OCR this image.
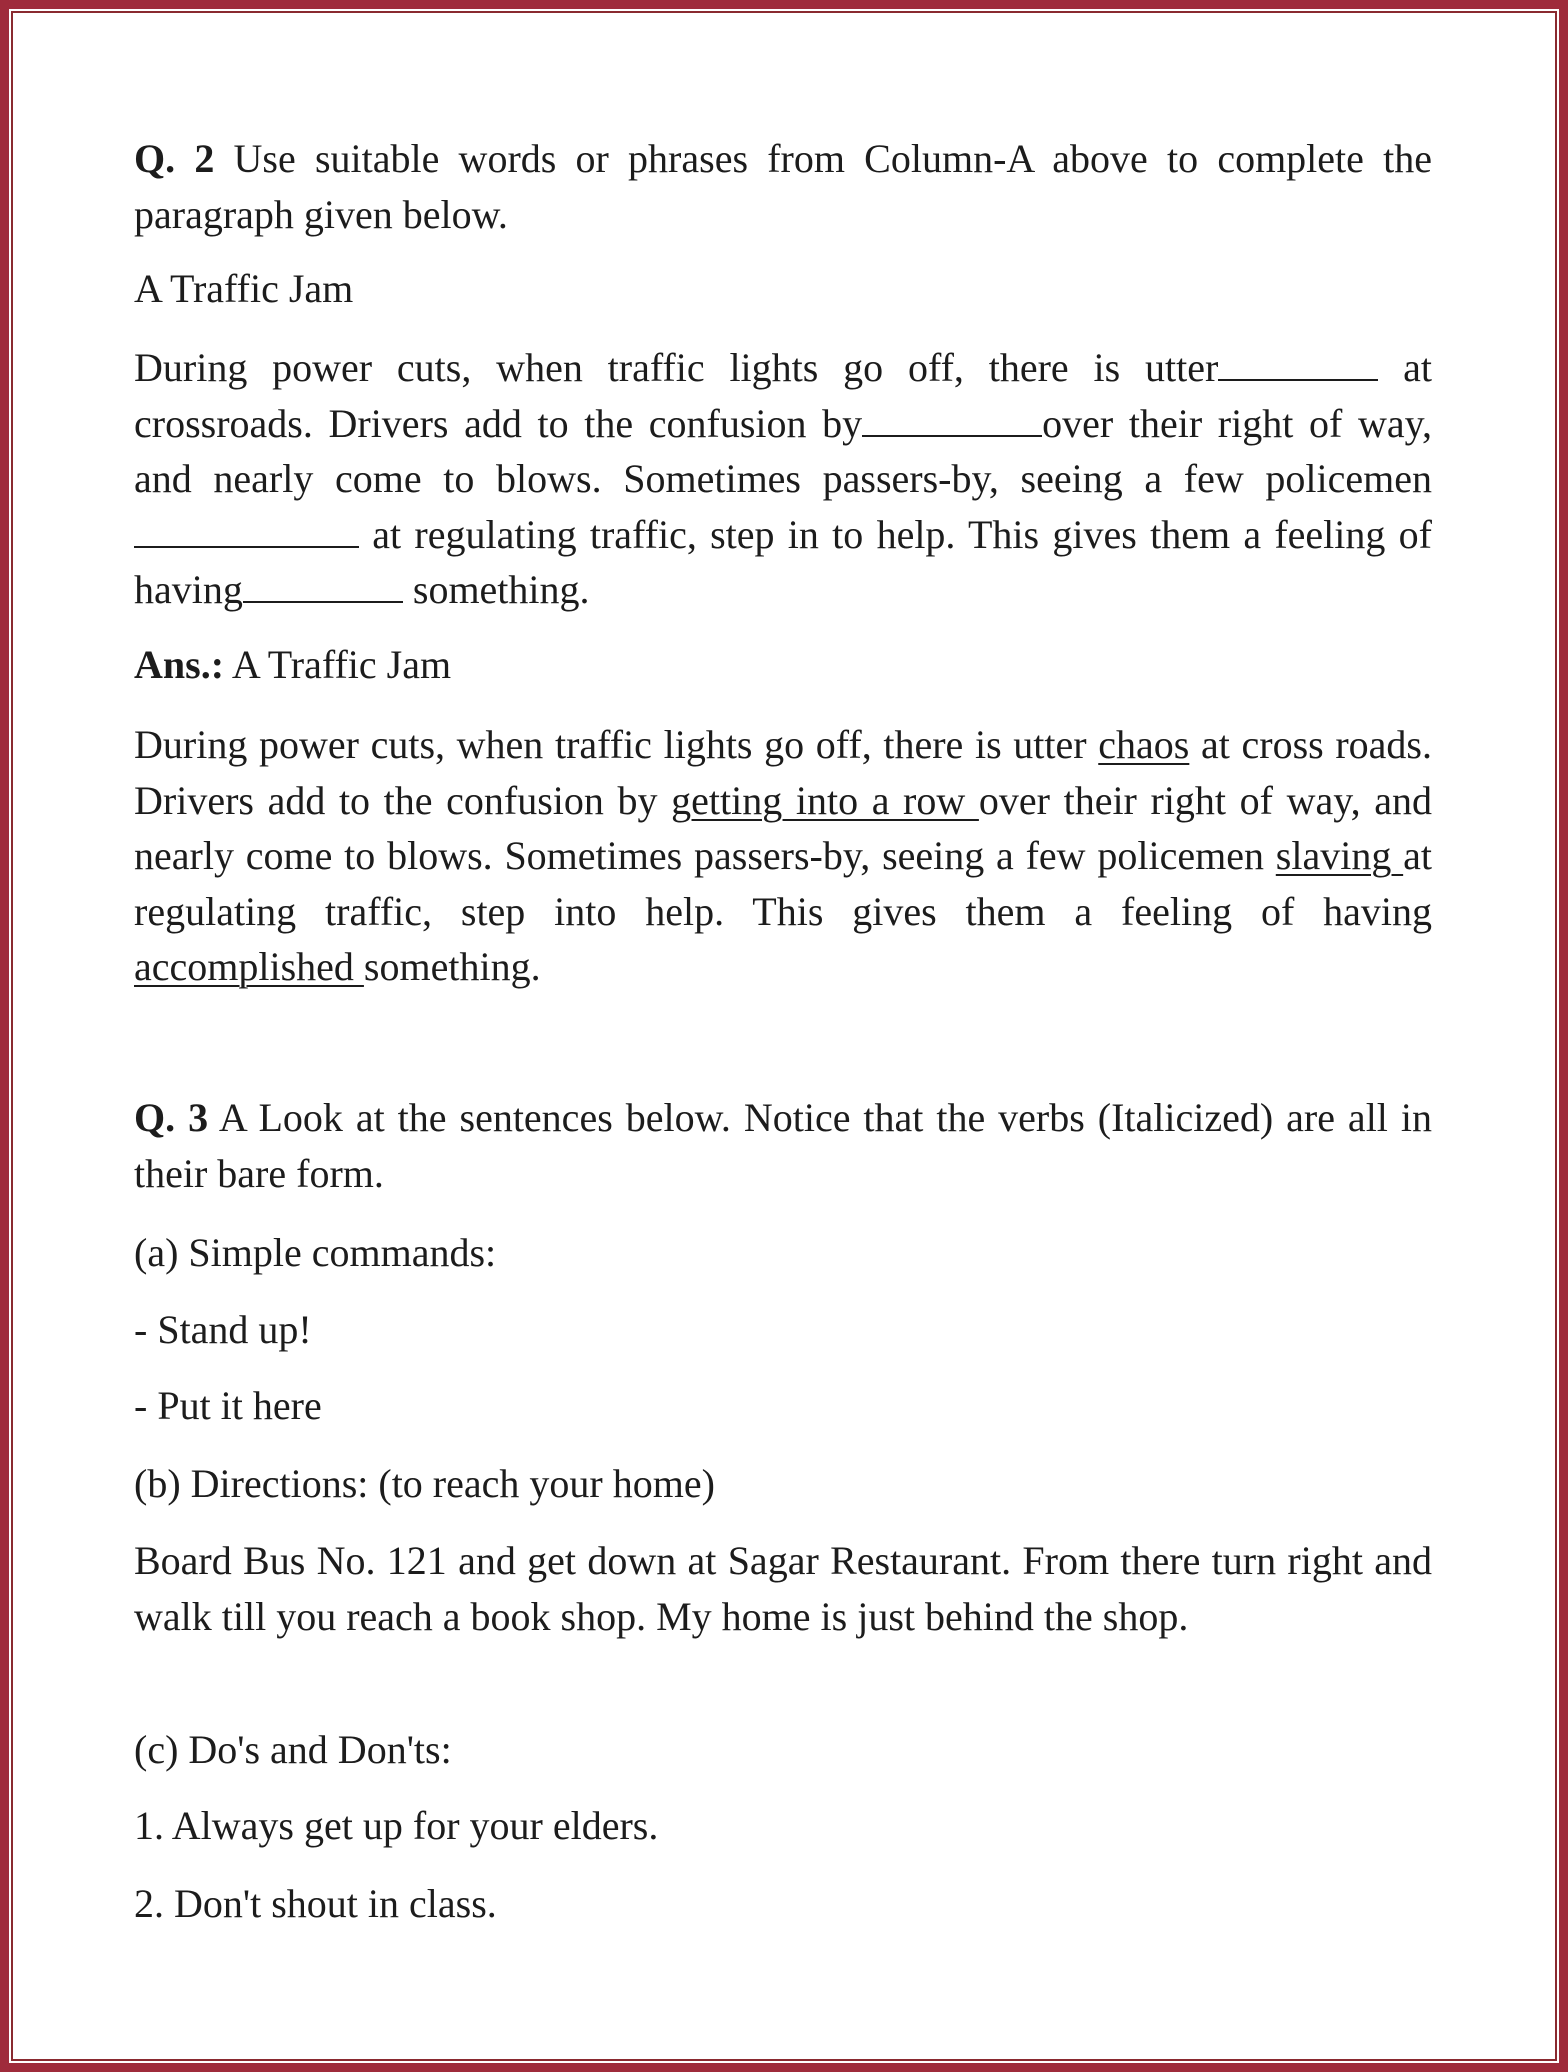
Q. 2 Use suitable words or phrases from Column-A above to complete the paragraph given below.
A Traffic Jam
During power cuts, when traffic lights go off, there is utter	at crossroads. Drivers add to the confusion by	over their right of way, and nearly come to blows. Sometimes passers-by, seeing a few policemen at regulating traffic, step in to help. This gives them a feeling of having	something.
Ans.: A Traffic Jam
During power cuts, when traffic lights go off, there is utter chaos at cross roads. Drivers add to the confusion by getting into a row over their right of way, and nearly come to blows. Sometimes passers-by, seeing a few policemen slaving at regulating traffic, step into help. This gives them a feeling of having accomplished something.
Q. 3 A Look at the sentences below. Notice that the verbs (Italicized) are all in their bare form.
(a) Simple commands:
- Stand up!
- Put it here
(b) Directions: (to reach your home)
Board Bus No. 121 and get down at Sagar Restaurant. From there turn right and walk till you reach a book shop. My home is just behind the shop.
(c) Do's and Don'ts:
1. Always get up for your elders.
2. Don't shout in class.
